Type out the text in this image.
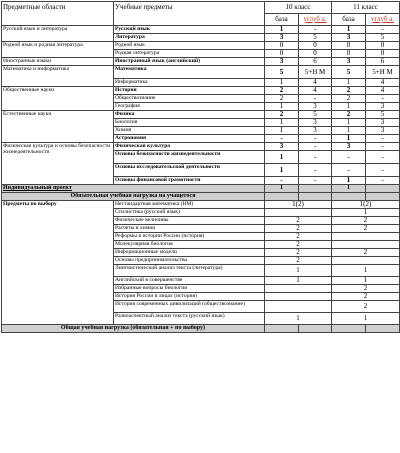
Предметные области	Учебные предметы	10 класс		11 класс	
		база	углуб а.	база	углуб а.
Русский язык и литература	Русский язык	1	-	1	-
	Литература	3	5	3	5
Родной язык и родная литература	Родной язык	0	0	0	0
	Родная литература	0	0	0	0
Иностранные языки	Иностранный язык (английский)	3	6	3	6
Математика и информатика	Математика	5	5+Н М	5	5+Н М
	Информатика	1	4	1	4
Общественные науки	История	2	4	2	4
	Обществознание	2	-	2	-
	География	1	3	1	3
Естественные науки	Физика	2	5	2	5
	Биология	1	3	1	3
	Химия	1	3	1	3
	Астрономия	-	-	1	-
Физическая культура и основы безопасности жизнедеятельности	Физическая культура	3	-	3	-
	Основы безопасности жизнедеятельности	1	-	-	-
	Основы исследовательской деятельности	1	-	-	-
	Основы финансовой грамотности	-	-	1	-
Индивидуальный проект		1		1	
Обязательная учебная нагрузка на учащегося					
Предметы по выбору	Нестандартная математика (НМ)	1(2)		1(2)	
	Стилистика (русский язык)			1	
	Физические величины	2		2	
	Расчеты в химии	2		2	
	Реформы в истории России (история)	2			
	Молекулярная биология	2			
	Информационные модели	2		2	
	Основы предпринимательства	2			
	Лингвистический анализ текста (литература)	1		1	
	Английский в совершенстве	1		1	
	Избранные вопросы биологии			2	
	История России в лицах (история)			2	
	История современных цивилизаций (обществознание)			2	
	Разноаспектный анализ текста (русский язык)	1		1	
Общая учебная нагрузка (обязательная + по выбору)					
